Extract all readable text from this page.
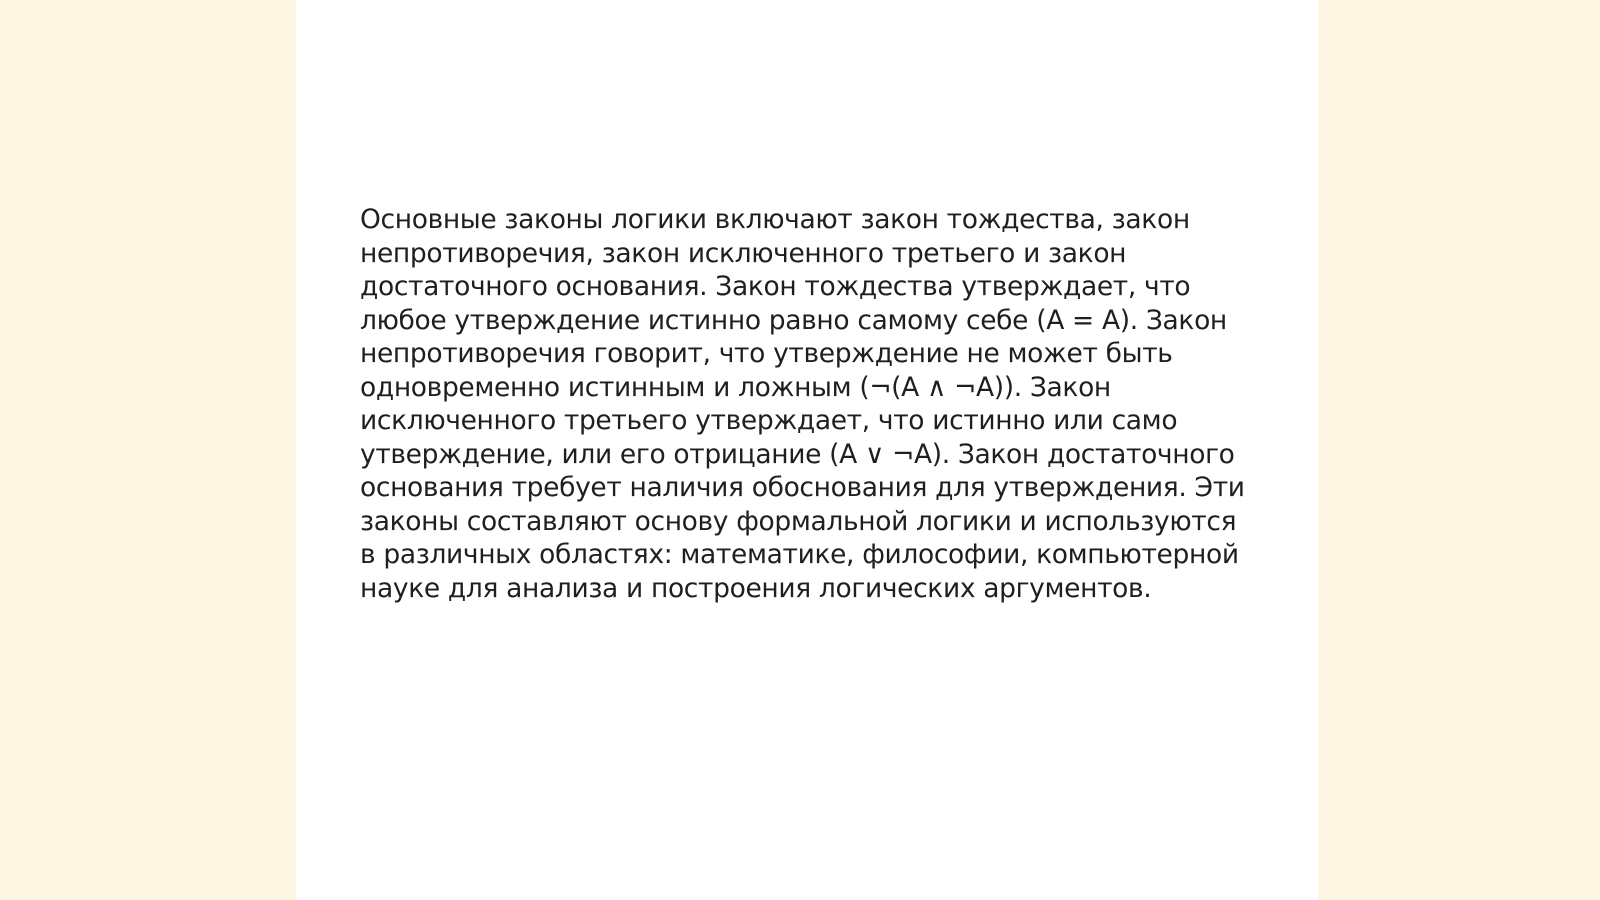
Основные законы логики включают закон тождества, закон
непротиворечия, закон исключенного третьего и закон
достаточного основания. Закон тождества утверждает, что
любое утверждение истинно равно самому себе (A = A). Закон
непротиворечия говорит, что утверждение не может быть
одновременно истинным и ложным (¬(A ∧ ¬A)). Закон
исключенного третьего утверждает, что истинно или само
утверждение, или его отрицание (A ∨ ¬A). Закон достаточного
основания требует наличия обоснования для утверждения. Эти
законы составляют основу формальной логики и используются
в различных областях: математике, философии, компьютерной
науке для анализа и построения логических аргументов.
